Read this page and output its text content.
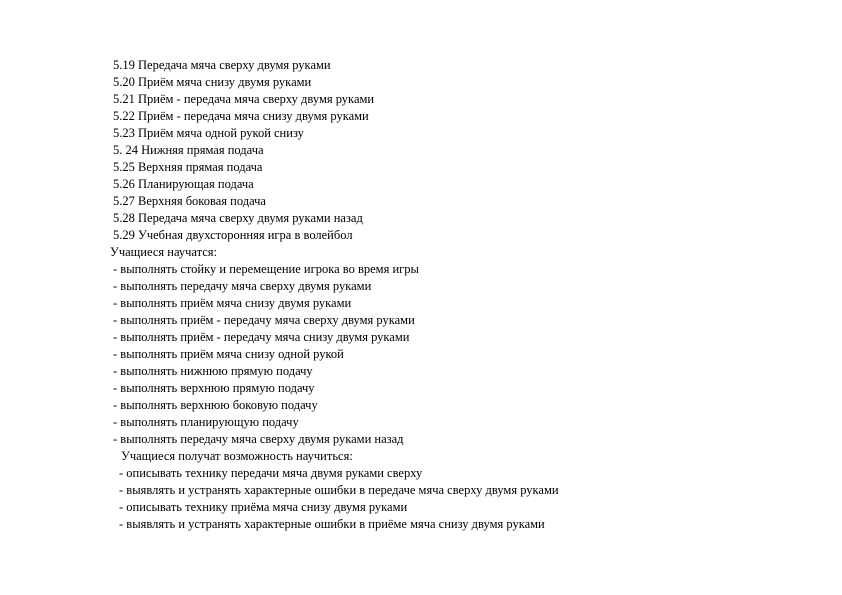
5.19 Передача мяча сверху двумя руками
5.20 Приём мяча снизу двумя руками
5.21 Приём - передача мяча сверху двумя руками
5.22 Приём - передача мяча снизу двумя руками
5.23 Приём мяча одной рукой снизу
5. 24 Нижняя прямая подача
5.25 Верхняя прямая подача
5.26 Планирующая подача
5.27 Верхняя боковая подача
5.28 Передача мяча сверху двумя руками назад
5.29 Учебная двухсторонняя игра в волейбол
Учащиеся научатся:
- выполнять стойку и перемещение игрока во время игры
- выполнять передачу мяча сверху двумя руками
- выполнять приём мяча снизу двумя руками
- выполнять приём - передачу мяча сверху двумя руками
- выполнять приём - передачу мяча снизу двумя руками
- выполнять приём мяча снизу одной рукой
- выполнять нижнюю прямую подачу
- выполнять верхнюю прямую подачу
- выполнять верхнюю боковую подачу
- выполнять планирующую подачу
- выполнять передачу мяча сверху двумя руками назад
Учащиеся получат возможность научиться:
- описывать технику передачи мяча двумя руками сверху
- выявлять и устранять характерные ошибки в передаче мяча сверху двумя руками
- описывать технику приёма мяча снизу двумя руками
- выявлять и устранять характерные ошибки в приёме мяча снизу двумя руками
